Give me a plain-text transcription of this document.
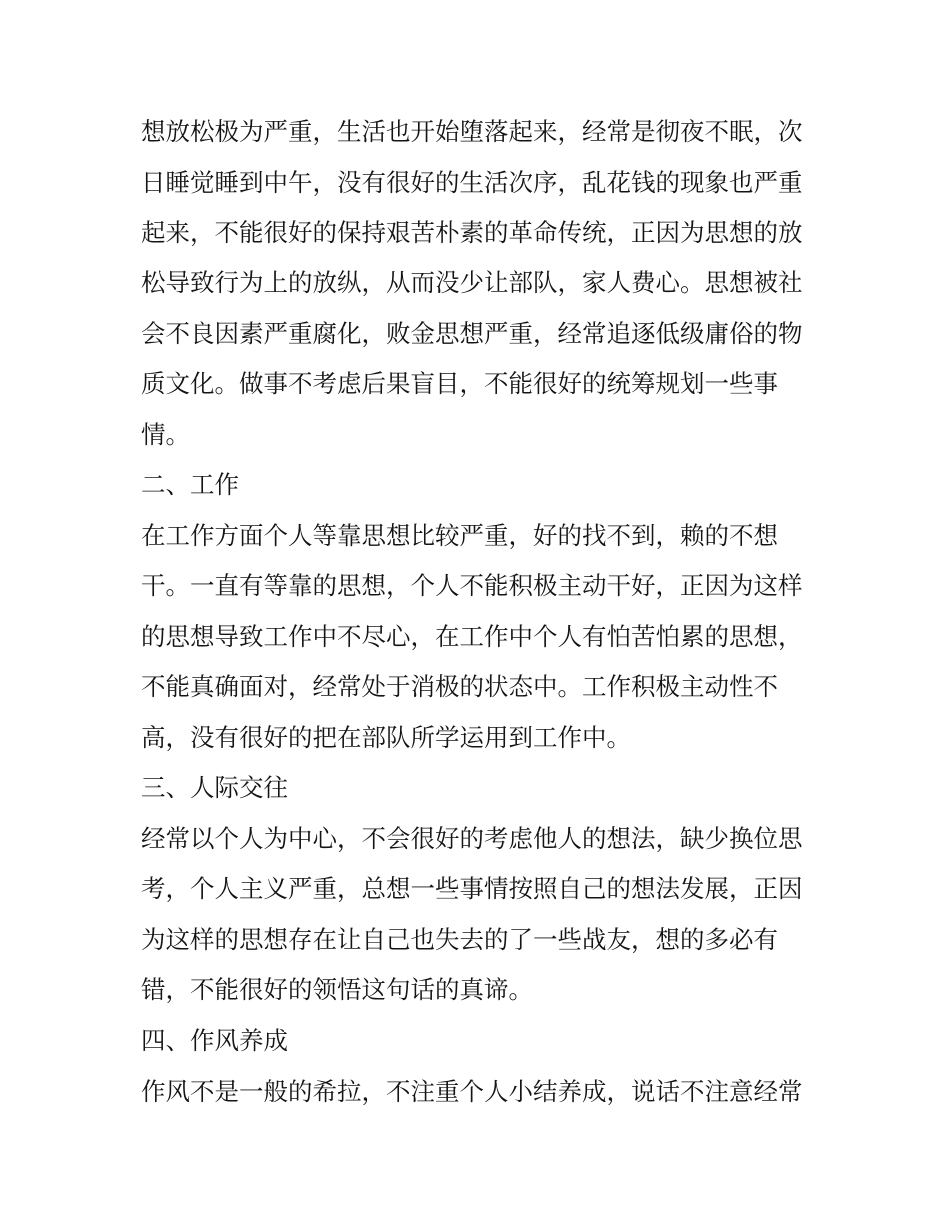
想放松极为严重，生活也开始堕落起来，经常是彻夜不眠，次
日睡觉睡到中午，没有很好的生活次序，乱花钱的现象也严重
起来，不能很好的保持艰苦朴素的革命传统，正因为思想的放
松导致行为上的放纵，从而没少让部队，家人费心。思想被社
会不良因素严重腐化，败金思想严重，经常追逐低级庸俗的物
质文化。做事不考虑后果盲目，不能很好的统筹规划一些事
情。
二、工作
在工作方面个人等靠思想比较严重，好的找不到，赖的不想
干。一直有等靠的思想，个人不能积极主动干好，正因为这样
的思想导致工作中不尽心，在工作中个人有怕苦怕累的思想，
不能真确面对，经常处于消极的状态中。工作积极主动性不
高，没有很好的把在部队所学运用到工作中。
三、人际交往
经常以个人为中心，不会很好的考虑他人的想法，缺少换位思
考，个人主义严重，总想一些事情按照自己的想法发展，正因
为这样的思想存在让自己也失去的了一些战友，想的多必有
错，不能很好的领悟这句话的真谛。
四、作风养成
作风不是一般的希拉，不注重个人小结养成，说话不注意经常
